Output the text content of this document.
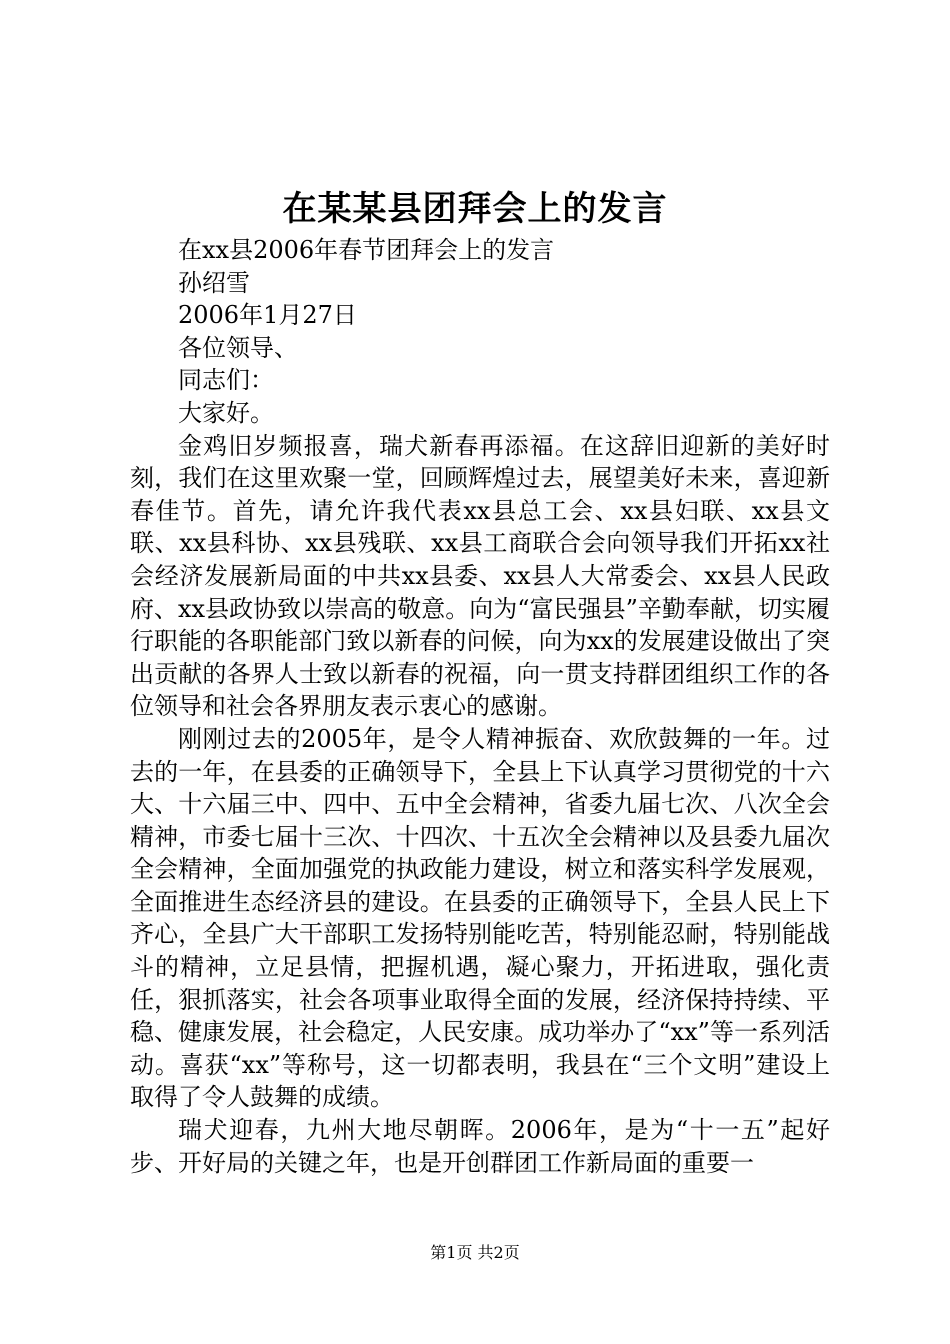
在某某县团拜会上的发言

在xx县2006年春节团拜会上的发言

孙绍雪

2006年1月27日

各位领导、

同志们：

大家好。

金鸡旧岁频报喜，瑞犬新春再添福。在这辞旧迎新的美好时刻，我们在这里欢聚一堂，回顾辉煌过去，展望美好未来，喜迎新春佳节。首先，请允许我代表xx县总工会、xx县妇联、xx县文联、xx县科协、xx县残联、xx县工商联合会向领导我们开拓xx社会经济发展新局面的中共xx县委、xx县人大常委会、xx县人民政府、xx县政协致以崇高的敬意。向为“富民强县”辛勤奉献，切实履行职能的各职能部门致以新春的问候，向为xx的发展建设做出了突出贡献的各界人士致以新春的祝福，向一贯支持群团组织工作的各位领导和社会各界朋友表示衷心的感谢。

刚刚过去的2005年，是令人精神振奋、欢欣鼓舞的一年。过去的一年，在县委的正确领导下，全县上下认真学习贯彻党的十六大、十六届三中、四中、五中全会精神，省委九届七次、八次全会精神，市委七届十三次、十四次、十五次全会精神以及县委九届次全会精神，全面加强党的执政能力建设，树立和落实科学发展观，全面推进生态经济县的建设。在县委的正确领导下，全县人民上下齐心，全县广大干部职工发扬特别能吃苦，特别能忍耐，特别能战斗的精神，立足县情，把握机遇，凝心聚力，开拓进取，强化责任，狠抓落实，社会各项事业取得全面的发展，经济保持持续、平稳、健康发展，社会稳定，人民安康。成功举办了“xx”等一系列活动。喜获“xx”等称号，这一切都表明，我县在“三个文明”建设上取得了令人鼓舞的成绩。

瑞犬迎春，九州大地尽朝晖。2006年，是为“十一五”起好步、开好局的关键之年，也是开创群团工作新局面的重要一

第1页 共2页
